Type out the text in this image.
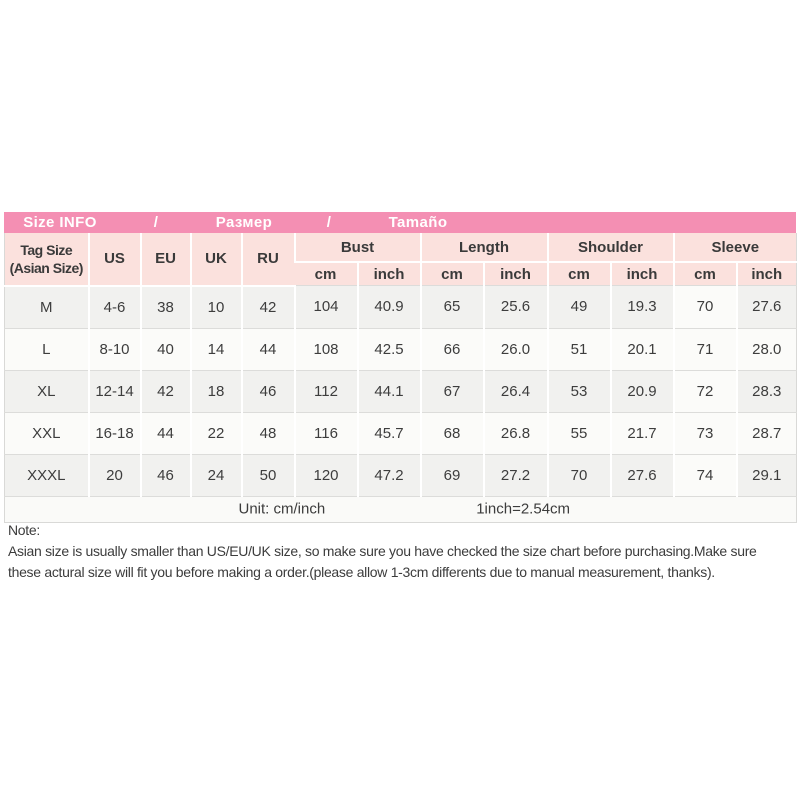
Size INFO	/	Размер	/	Tamaño
Tag Size
(Asian Size)	US	EU	UK	RU	Bust		Length		Shoulder		Sleeve	
					cm	inch	cm	inch	cm	inch	cm	inch
M	4-6	38	10	42	104	40.9	65	25.6	49	19.3	70	27.6
L	8-10	40	14	44	108	42.5	66	26.0	51	20.1	71	28.0
XL	12-14	42	18	46	112	44.1	67	26.4	53	20.9	72	28.3
XXL	16-18	44	22	48	116	45.7	68	26.8	55	21.7	73	28.7
XXXL	20	46	24	50	120	47.2	69	27.2	70	27.6	74	29.1

Unit: cm/inch 1inch=2.54cm												
Note:
Asian size is usually smaller than US/EU/UK size, so make sure you have checked the size chart before purchasing.Make sure
these actural size will fit you before making a order.(please allow 1-3cm differents due to manual measurement, thanks).
